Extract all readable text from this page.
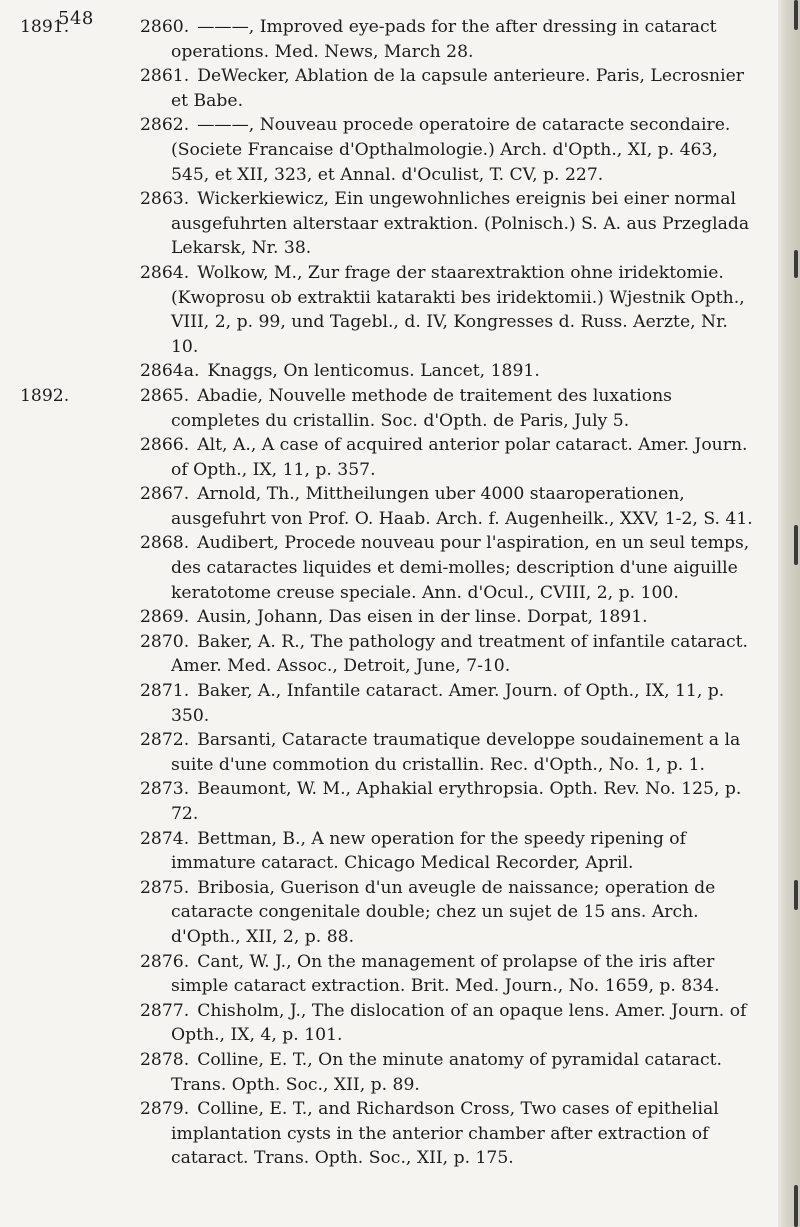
548

1891.	2860. ———, Improved eye-pads for the after dressing in cataract operations. Med. News, March 28.

2861. DeWecker, Ablation de la capsule anterieure. Paris, Lecrosnier et Babe.

2862. ———, Nouveau procede operatoire de cataracte secondaire. (Societe Francaise d'Opthalmologie.) Arch. d'Opth., XI, p. 463, 545, et XII, 323, et Annal. d'Oculist, T. CV, p. 227.

2863. Wickerkiewicz, Ein ungewohnliches ereignis bei einer normal ausgefuhrten alterstaar extraktion. (Polnisch.) S. A. aus Przeglada Lekarsk, Nr. 38.

2864. Wolkow, M., Zur frage der staarextraktion ohne iridektomie. (Kwoprosu ob extraktii katarakti bes iridektomii.) Wjestnik Opth., VIII, 2, p. 99, und Tagebl., d. IV, Kongresses d. Russ. Aerzte, Nr. 10.

2864a. Knaggs, On lenticomus. Lancet, 1891.

1892.	2865. Abadie, Nouvelle methode de traitement des luxations completes du cristallin. Soc. d'Opth. de Paris, July 5.

2866. Alt, A., A case of acquired anterior polar cataract. Amer. Journ. of Opth., IX, 11, p. 357.

2867. Arnold, Th., Mittheilungen uber 4000 staaroperationen, ausgefuhrt von Prof. O. Haab. Arch. f. Augenheilk., XXV, 1-2, S. 41.

2868. Audibert, Procede nouveau pour l'aspiration, en un seul temps, des cataractes liquides et demi-molles; description d'une aiguille keratotome creuse speciale. Ann. d'Ocul., CVIII, 2, p. 100.

2869. Ausin, Johann, Das eisen in der linse. Dorpat, 1891.

2870. Baker, A. R., The pathology and treatment of infantile cataract. Amer. Med. Assoc., Detroit, June, 7-10.

2871. Baker, A., Infantile cataract. Amer. Journ. of Opth., IX, 11, p. 350.

2872. Barsanti, Cataracte traumatique developpe soudainement a la suite d'une commotion du cristallin. Rec. d'Opth., No. 1, p. 1.

2873. Beaumont, W. M., Aphakial erythropsia. Opth. Rev. No. 125, p. 72.

2874. Bettman, B., A new operation for the speedy ripening of immature cataract. Chicago Medical Recorder, April.

2875. Bribosia, Guerison d'un aveugle de naissance; operation de cataracte congenitale double; chez un sujet de 15 ans. Arch. d'Opth., XII, 2, p. 88.

2876. Cant, W. J., On the management of prolapse of the iris after simple cataract extraction. Brit. Med. Journ., No. 1659, p. 834.

2877. Chisholm, J., The dislocation of an opaque lens. Amer. Journ. of Opth., IX, 4, p. 101.

2878. Colline, E. T., On the minute anatomy of pyramidal cataract. Trans. Opth. Soc., XII, p. 89.

2879. Colline, E. T., and Richardson Cross, Two cases of epithelial implantation cysts in the anterior chamber after extraction of cataract. Trans. Opth. Soc., XII, p. 175.
